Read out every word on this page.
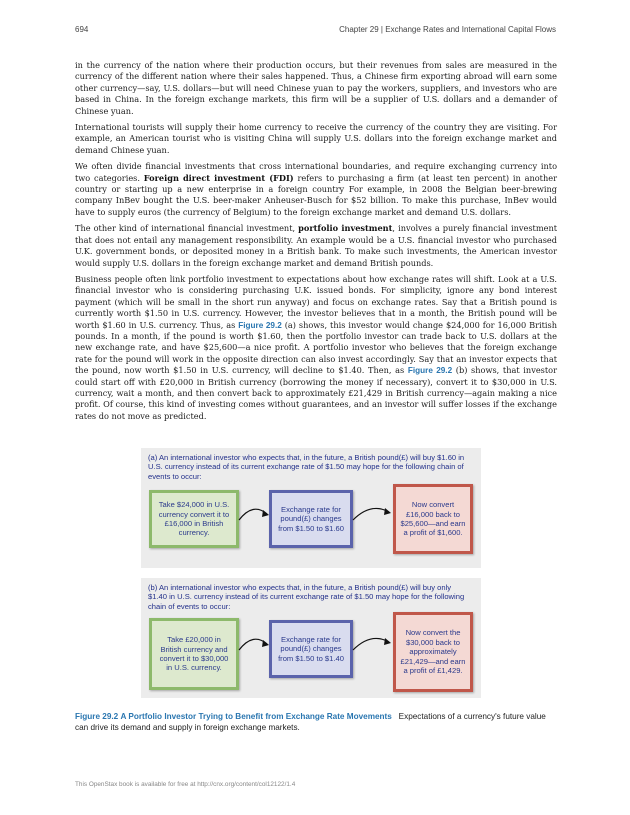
694	Chapter 29 | Exchange Rates and International Capital Flows

in the currency of the nation where their production occurs, but their revenues from sales are measured in the currency of the different nation where their sales happened. Thus, a Chinese firm exporting abroad will earn some other currency—say, U.S. dollars—but will need Chinese yuan to pay the workers, suppliers, and investors who are based in China. In the foreign exchange markets, this firm will be a supplier of U.S. dollars and a demander of Chinese yuan.

International tourists will supply their home currency to receive the currency of the country they are visiting. For example, an American tourist who is visiting China will supply U.S. dollars into the foreign exchange market and demand Chinese yuan.

We often divide financial investments that cross international boundaries, and require exchanging currency into two categories. Foreign direct investment (FDI) refers to purchasing a firm (at least ten percent) in another country or starting up a new enterprise in a foreign country For example, in 2008 the Belgian beer-brewing company InBev bought the U.S. beer-maker Anheuser-Busch for $52 billion. To make this purchase, InBev would have to supply euros (the currency of Belgium) to the foreign exchange market and demand U.S. dollars.

The other kind of international financial investment, portfolio investment, involves a purely financial investment that does not entail any management responsibility. An example would be a U.S. financial investor who purchased U.K. government bonds, or deposited money in a British bank. To make such investments, the American investor would supply U.S. dollars in the foreign exchange market and demand British pounds.

Business people often link portfolio investment to expectations about how exchange rates will shift. Look at a U.S. financial investor who is considering purchasing U.K. issued bonds. For simplicity, ignore any bond interest payment (which will be small in the short run anyway) and focus on exchange rates. Say that a British pound is currently worth $1.50 in U.S. currency. However, the investor believes that in a month, the British pound will be worth $1.60 in U.S. currency. Thus, as Figure 29.2 (a) shows, this investor would change $24,000 for 16,000 British pounds. In a month, if the pound is worth $1.60, then the portfolio investor can trade back to U.S. dollars at the new exchange rate, and have $25,600—a nice profit. A portfolio investor who believes that the foreign exchange rate for the pound will work in the opposite direction can also invest accordingly. Say that an investor expects that the pound, now worth $1.50 in U.S. currency, will decline to $1.40. Then, as Figure 29.2 (b) shows, that investor could start off with £20,000 in British currency (borrowing the money if necessary), convert it to $30,000 in U.S. currency, wait a month, and then convert back to approximately £21,429 in British currency—again making a nice profit. Of course, this kind of investing comes without guarantees, and an investor will suffer losses if the exchange rates do not move as predicted.

(a) An international investor who expects that, in the future, a British pound(£) will buy $1.60 in U.S. currency instead of its current exchange rate of $1.50 may hope for the following chain of events to occur:
Take $24,000 in U.S. currency convert it to £16,000 in British currency.
Exchange rate for pound(£) changes from $1.50 to $1.60
Now convert £16,000 back to $25,600—and earn a profit of $1,600.
(b) An international investor who expects that, in the future, a British pound(£) will buy only $1.40 in U.S. currency instead of its current exchange rate of $1.50 may hope for the following chain of events to occur:
Take £20,000 in British currency and convert it to $30,000 in U.S. currency.
Exchange rate for pound(£) changes from $1.50 to $1.40
Now convert the $30,000 back to approximately £21,429—and earn a profit of £1,429.
Figure 29.2 A Portfolio Investor Trying to Benefit from Exchange Rate Movements Expectations of a currency's future value can drive its demand and supply in foreign exchange markets.
This OpenStax book is available for free at http://cnx.org/content/col12122/1.4
